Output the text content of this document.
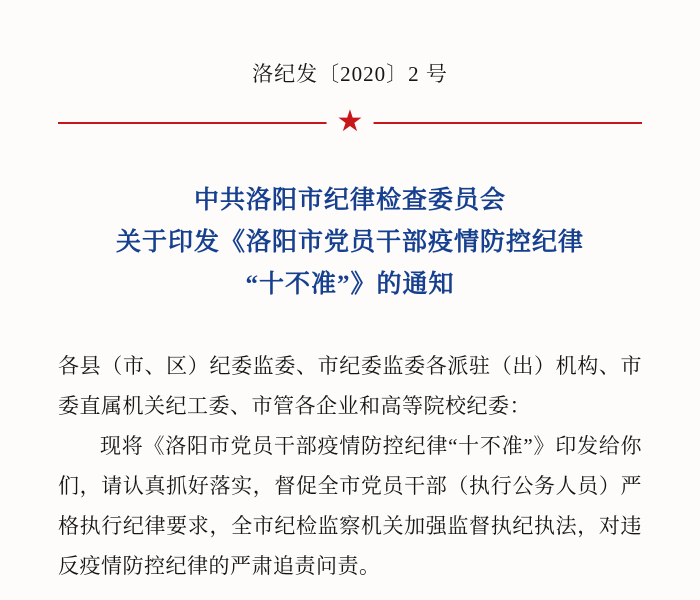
洛纪发〔2020〕2 号
★
中共洛阳市纪律检查委员会
关于印发《洛阳市党员干部疫情防控纪律
“十不准”》的通知

各县（市、区）纪委监委、市纪委监委各派驻（出）机构、市委直属机关纪工委、市管各企业和高等院校纪委：

现将《洛阳市党员干部疫情防控纪律“十不准”》印发给你们，请认真抓好落实，督促全市党员干部（执行公务人员）严格执行纪律要求，全市纪检监察机关加强监督执纪执法，对违反疫情防控纪律的严肃追责问责。
